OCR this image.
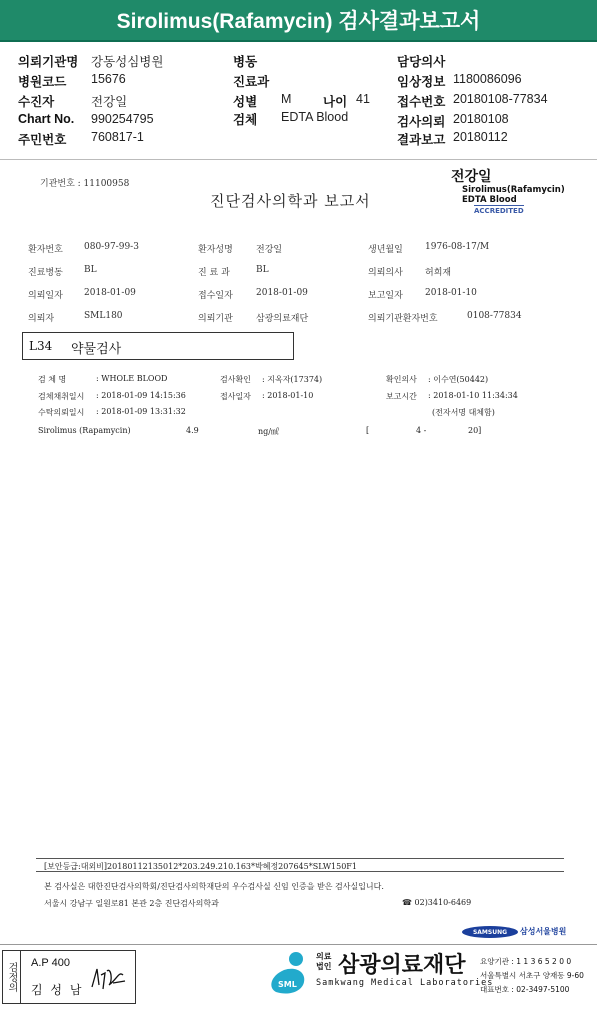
Sirolimus(Rafamycin) 검사결과보고서
의뢰기관명 강동성심병원
병원코드 15676
수진자	전강일
Chart No. 990254795
주민번호 760817-1
병동
진료과
성별 M	나이 41
검체 EDTA Blood
담당의사
임상정보 1180086096
접수번호 20180108-77834
검사의뢰 20180108
결과보고 20180112
기관번호 : 11100958	전강일
Sirolimus(Rafamycin)
EDTA Blood
ACCREDITED
진단검사의학과 보고서
환자번호 080-97-99-3	환자성명	전강일	생년월일 1976-08-17/M
진료병동 BL	진 료 과	BL	의뢰의사 허희재
의뢰일자 2018-01-09	접수일자	2018-01-09	보고일자 2018-01-10
의뢰자	SML180	의뢰기관	삼광의료재단	의뢰기관환자번호	0108-77834
L34 약물검사
검 체 명	: WHOLE BLOOD	검사확인 : 지옥자(17374)	확인의사 : 이수연(50442)
검체채취일시 : 2018-01-09 14:15:36	접사일자 : 2018-01-10	보고시간 : 2018-01-10 11:34:34
수탁의뢰일시 : 2018-01-09 13:31:32	(전자서명 대체함)
Sirolimus (Rapamycin)	4.9	ng/㎖	[	4 -	20]
[보안등급:대외비]20180112135012*203.249.210.163*박혜정207645*SLW150F1
본 검사실은 대한진단검사의학회/진단검사의학재단의 우수검사실 신임 인증을 받은 검사실입니다.
서울시 강남구 일원로81 본관 2층 진단검사의학과	☎ 02)3410-6469
SAMSUNG	삼성서울병원
검정의	A.P 400
김 성 남	SML
의료
법인 삼광의료재단
Samkwang Medical Laboratories
요양기관 : 1 1 3 6 5 2 0 0
서울특별시 서초구 양재동 9-60
대표번호 : 02-3497-5100
